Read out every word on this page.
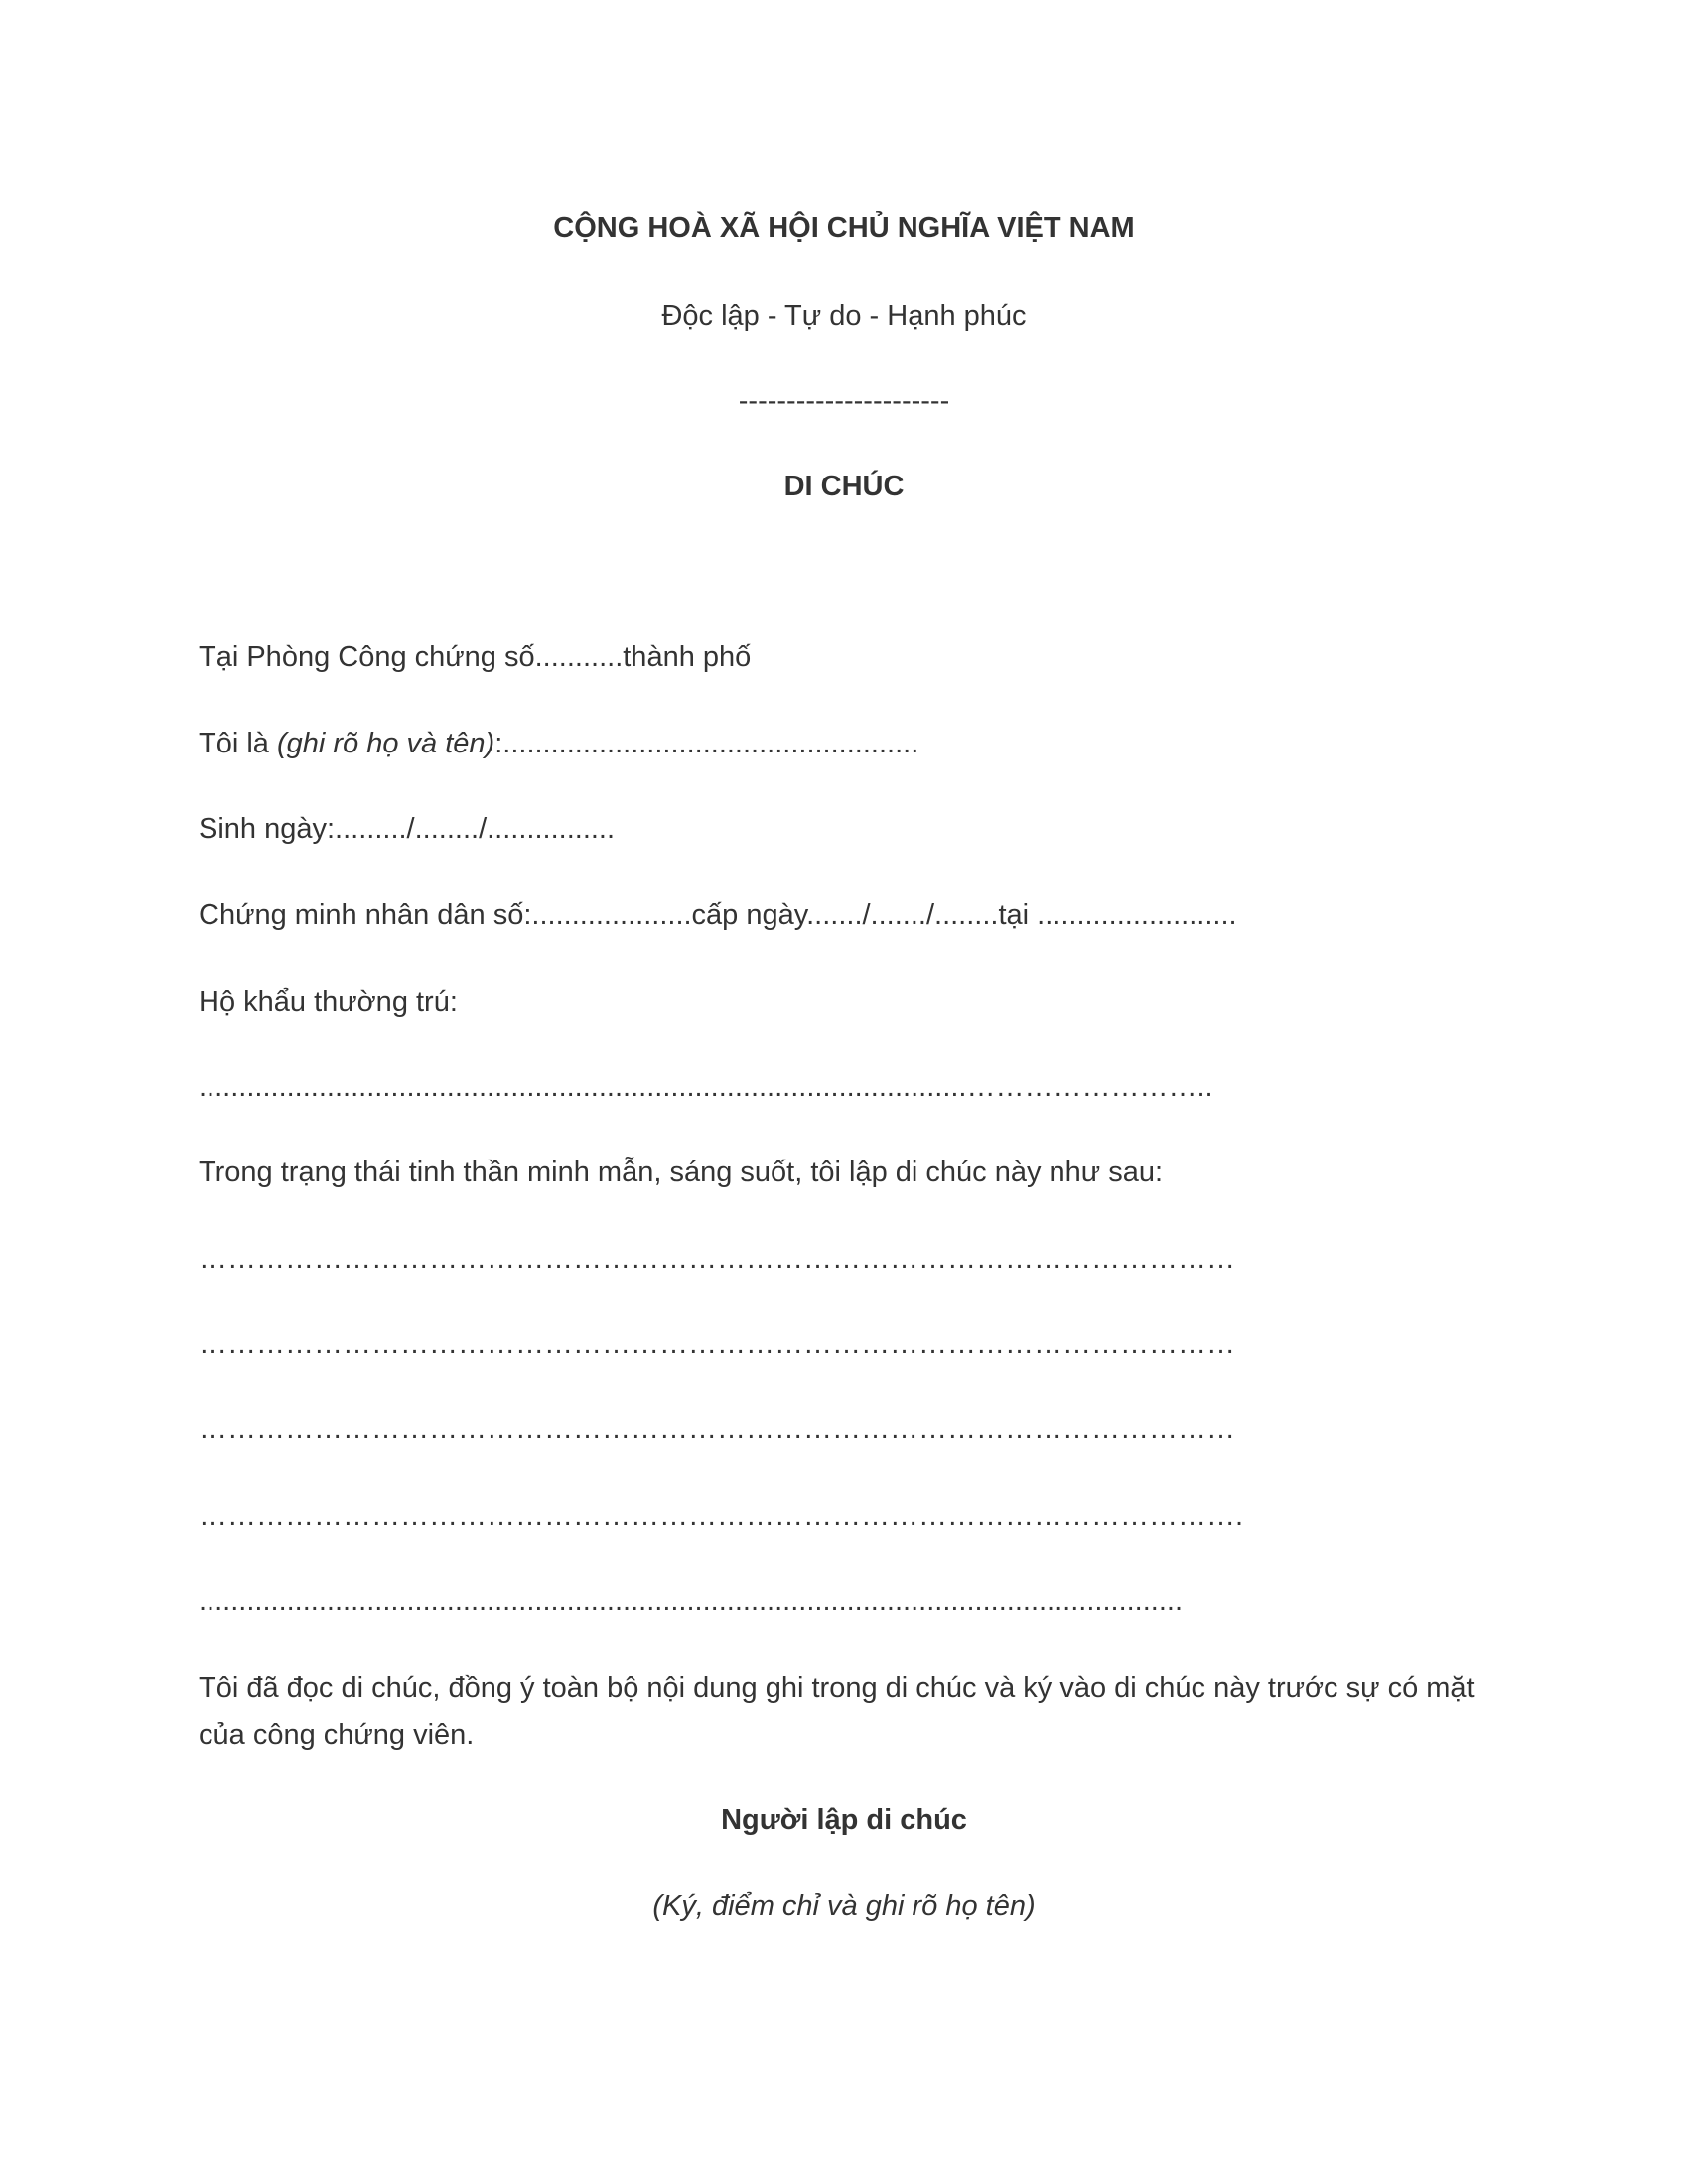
CỘNG HOÀ XÃ HỘI CHỦ NGHĨA VIỆT NAM
Độc lập - Tự do - Hạnh phúc
----------------------
DI CHÚC
Tại Phòng Công chứng số...........thành phố
Tôi là (ghi rõ họ và tên):....................................................
Sinh ngày:........./......../................
Chứng minh nhân dân số:....................cấp ngày......./......./........tại .........................
Hộ khẩu thường trú:
................................................................................................……………………..
Trong trạng thái tinh thần minh mẫn, sáng suốt, tôi lập di chúc này như sau:
………………………………………………………………………………………………
………………………………………………………………………………………………
………………………………………………………………………………………………
……………………………………………………………………………………………….
...........................................................................................................................
Tôi đã đọc di chúc, đồng ý toàn bộ nội dung ghi trong di chúc và ký vào di chúc này trước sự có mặt của công chứng viên.
Người lập di chúc
(Ký, điểm chỉ và ghi rõ họ tên)
